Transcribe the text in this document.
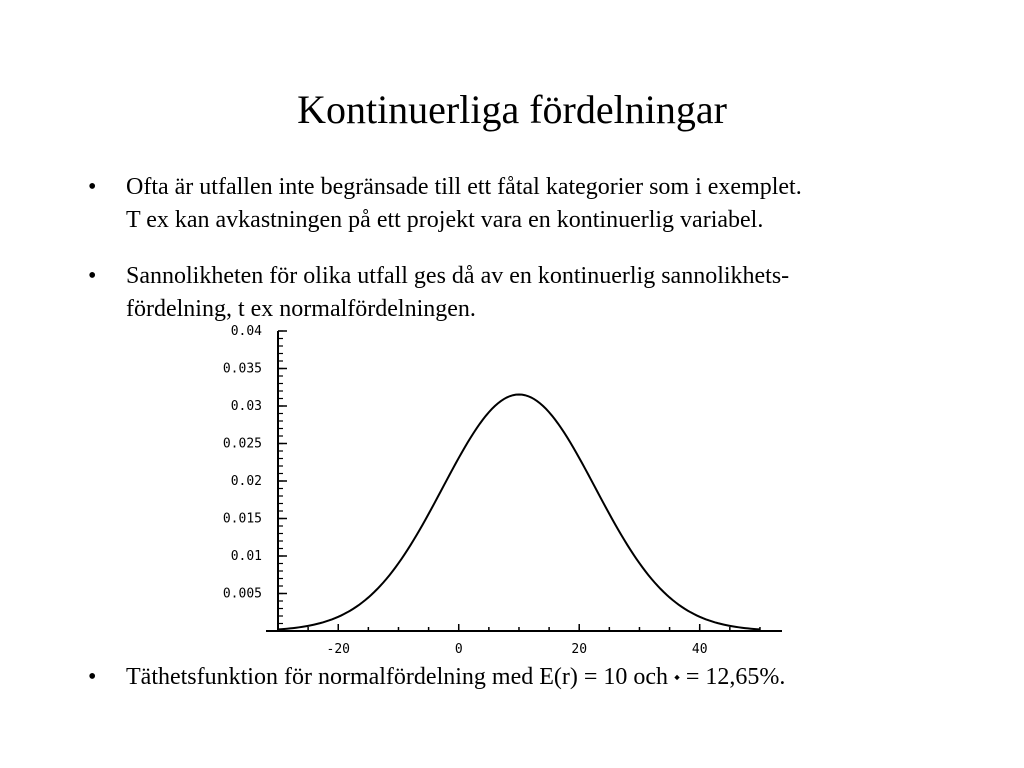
Kontinuerliga fördelningar
• Ofta är utfallen inte begränsade till ett fåtal kategorier som i exemplet.
T ex kan avkastningen på ett projekt vara en kontinuerlig variabel.
• Sannolikheten för olika utfall ges då av en kontinuerlig sannolikhets-
fördelning, t ex normalfördelningen.
0.005
0.01
0.015
0.02
0.025
0.03
0.035
0.04
-20	0	20	40
• Täthetsfunktion för normalfördelning med E(r) = 10 och ⬩ = 12,65%.
